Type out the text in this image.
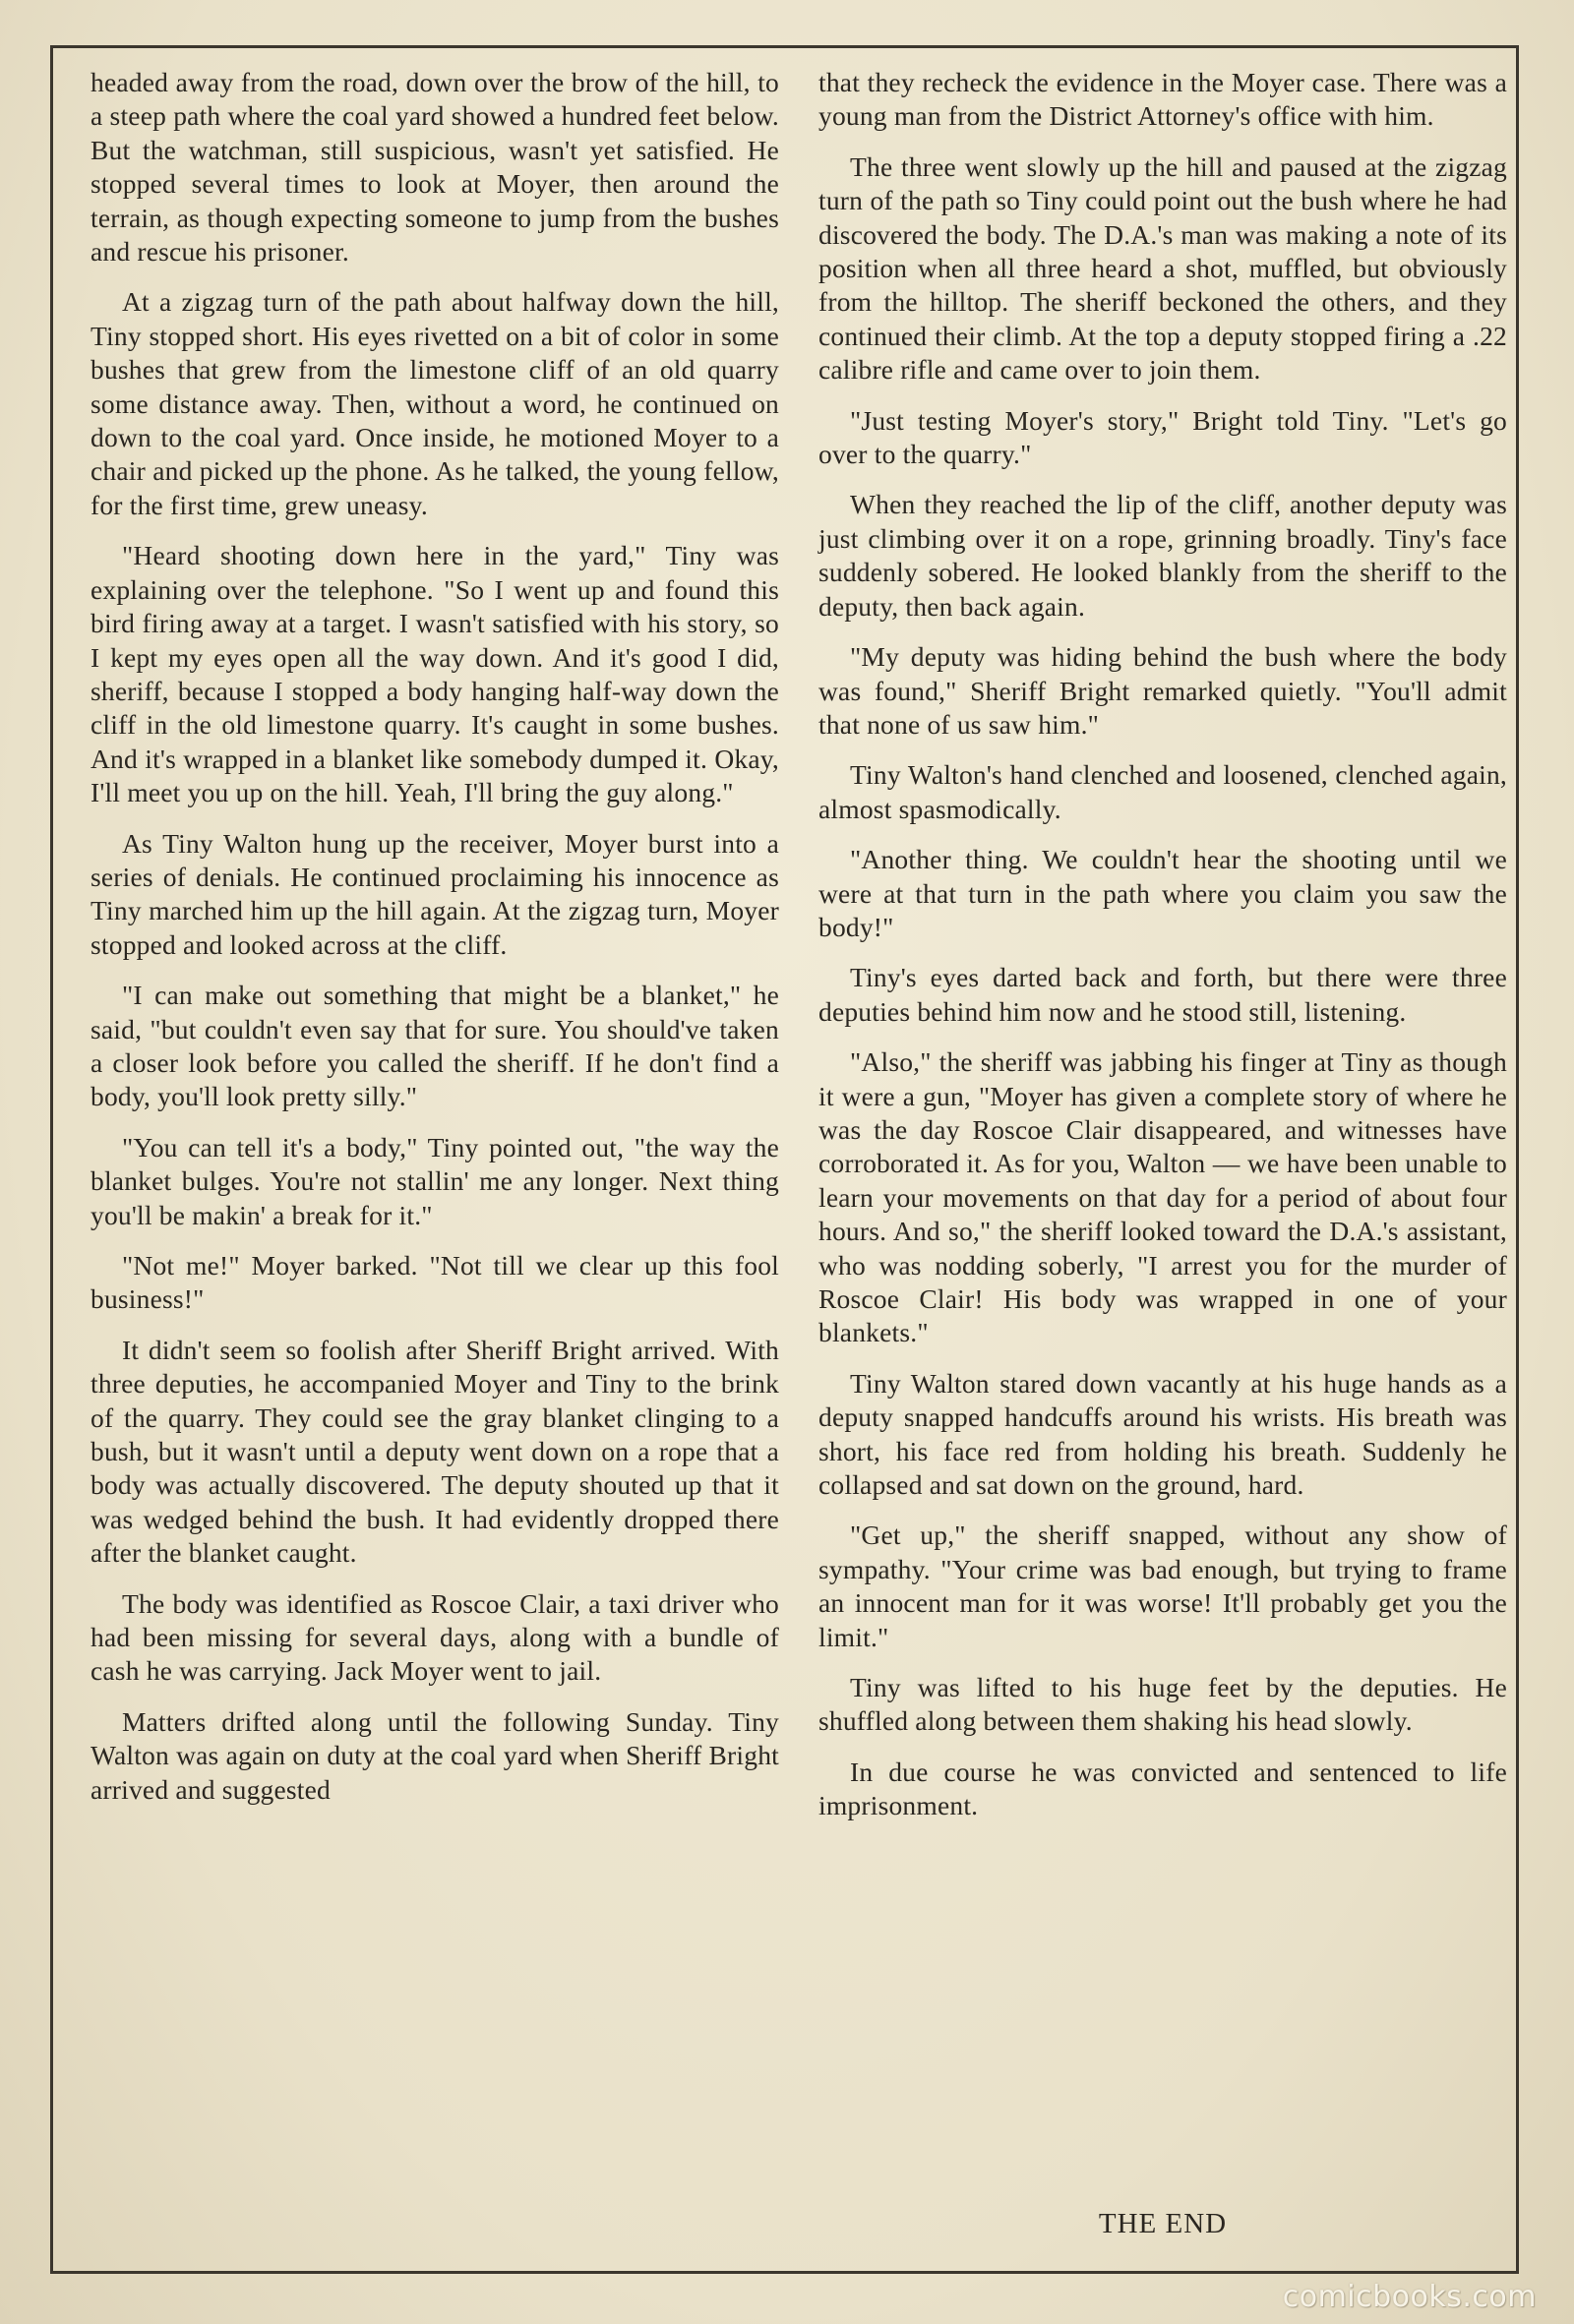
headed away from the road, down over the brow of the hill, to a steep path where the coal yard showed a hundred feet below. But the watchman, still suspicious, wasn't yet satisfied. He stopped several times to look at Moyer, then around the terrain, as though expecting someone to jump from the bushes and rescue his prisoner.

At a zigzag turn of the path about halfway down the hill, Tiny stopped short. His eyes rivetted on a bit of color in some bushes that grew from the limestone cliff of an old quarry some distance away. Then, without a word, he continued on down to the coal yard. Once inside, he motioned Moyer to a chair and picked up the phone. As he talked, the young fellow, for the first time, grew uneasy.

"Heard shooting down here in the yard," Tiny was explaining over the telephone. "So I went up and found this bird firing away at a target. I wasn't satisfied with his story, so I kept my eyes open all the way down. And it's good I did, sheriff, because I stopped a body hanging half-way down the cliff in the old limestone quarry. It's caught in some bushes. And it's wrapped in a blanket like somebody dumped it. Okay, I'll meet you up on the hill. Yeah, I'll bring the guy along."

As Tiny Walton hung up the receiver, Moyer burst into a series of denials. He continued proclaiming his innocence as Tiny marched him up the hill again. At the zigzag turn, Moyer stopped and looked across at the cliff.

"I can make out something that might be a blanket," he said, "but couldn't even say that for sure. You should've taken a closer look before you called the sheriff. If he don't find a body, you'll look pretty silly."

"You can tell it's a body," Tiny pointed out, "the way the blanket bulges. You're not stallin' me any longer. Next thing you'll be makin' a break for it."

"Not me!" Moyer barked. "Not till we clear up this fool business!"

It didn't seem so foolish after Sheriff Bright arrived. With three deputies, he accompanied Moyer and Tiny to the brink of the quarry. They could see the gray blanket clinging to a bush, but it wasn't until a deputy went down on a rope that a body was actually discovered. The deputy shouted up that it was wedged behind the bush. It had evidently dropped there after the blanket caught.

The body was identified as Roscoe Clair, a taxi driver who had been missing for several days, along with a bundle of cash he was carrying. Jack Moyer went to jail.

Matters drifted along until the following Sunday. Tiny Walton was again on duty at the coal yard when Sheriff Bright arrived and suggested

that they recheck the evidence in the Moyer case. There was a young man from the District Attorney's office with him.

The three went slowly up the hill and paused at the zigzag turn of the path so Tiny could point out the bush where he had discovered the body. The D.A.'s man was making a note of its position when all three heard a shot, muffled, but obviously from the hilltop. The sheriff beckoned the others, and they continued their climb. At the top a deputy stopped firing a .22 calibre rifle and came over to join them.

"Just testing Moyer's story," Bright told Tiny. "Let's go over to the quarry."

When they reached the lip of the cliff, another deputy was just climbing over it on a rope, grinning broadly. Tiny's face suddenly sobered. He looked blankly from the sheriff to the deputy, then back again.

"My deputy was hiding behind the bush where the body was found," Sheriff Bright remarked quietly. "You'll admit that none of us saw him."

Tiny Walton's hand clenched and loosened, clenched again, almost spasmodically.

"Another thing. We couldn't hear the shooting until we were at that turn in the path where you claim you saw the body!"

Tiny's eyes darted back and forth, but there were three deputies behind him now and he stood still, listening.

"Also," the sheriff was jabbing his finger at Tiny as though it were a gun, "Moyer has given a complete story of where he was the day Roscoe Clair disappeared, and witnesses have corroborated it. As for you, Walton — we have been unable to learn your movements on that day for a period of about four hours. And so," the sheriff looked toward the D.A.'s assistant, who was nodding soberly, "I arrest you for the murder of Roscoe Clair! His body was wrapped in one of your blankets."

Tiny Walton stared down vacantly at his huge hands as a deputy snapped handcuffs around his wrists. His breath was short, his face red from holding his breath. Suddenly he collapsed and sat down on the ground, hard.

"Get up," the sheriff snapped, without any show of sympathy. "Your crime was bad enough, but trying to frame an innocent man for it was worse! It'll probably get you the limit."

Tiny was lifted to his huge feet by the deputies. He shuffled along between them shaking his head slowly.

In due course he was convicted and sentenced to life imprisonment.

THE END
comicbooks.com
